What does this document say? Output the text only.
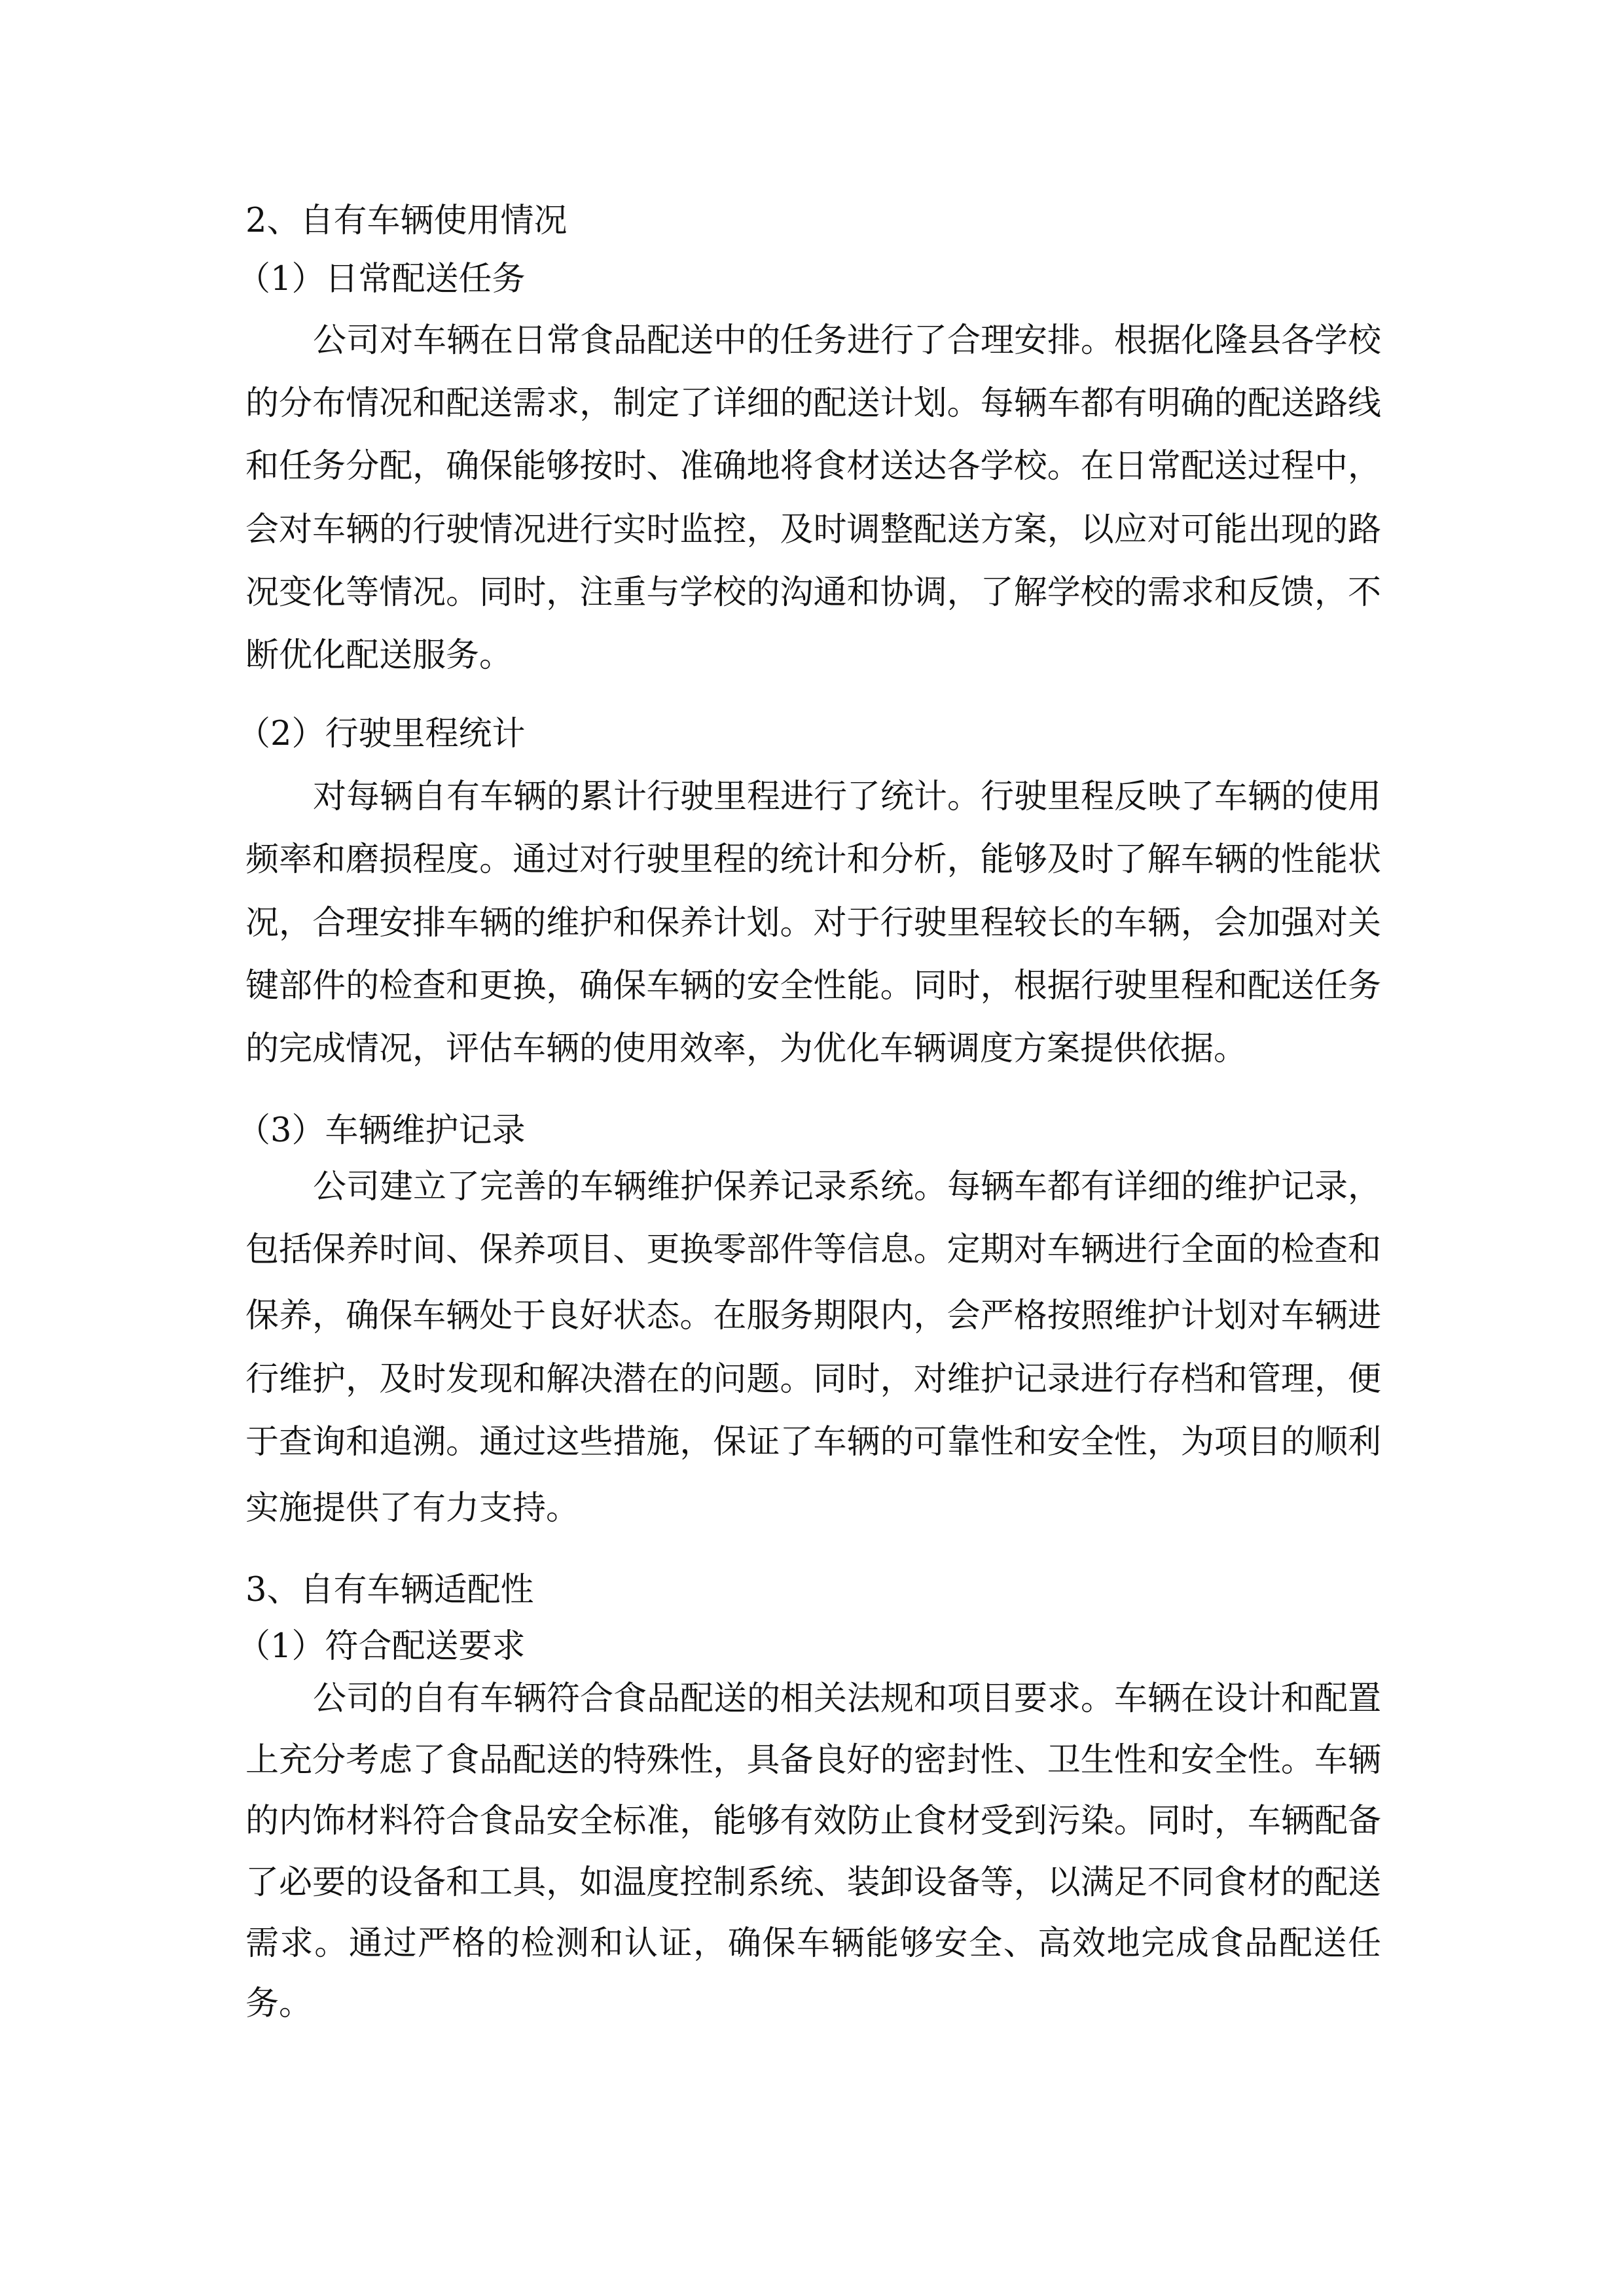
2、自有车辆使用情况
（1）日常配送任务
公司对车辆在日常食品配送中的任务进行了合理安排。根据化隆县各学校
的分布情况和配送需求，制定了详细的配送计划。每辆车都有明确的配送路线
和任务分配，确保能够按时、准确地将食材送达各学校。在日常配送过程中，
会对车辆的行驶情况进行实时监控，及时调整配送方案，以应对可能出现的路
况变化等情况。同时，注重与学校的沟通和协调，了解学校的需求和反馈，不
断优化配送服务。
（2）行驶里程统计
对每辆自有车辆的累计行驶里程进行了统计。行驶里程反映了车辆的使用
频率和磨损程度。通过对行驶里程的统计和分析，能够及时了解车辆的性能状
况，合理安排车辆的维护和保养计划。对于行驶里程较长的车辆，会加强对关
键部件的检查和更换，确保车辆的安全性能。同时，根据行驶里程和配送任务
的完成情况，评估车辆的使用效率，为优化车辆调度方案提供依据。
（3）车辆维护记录
公司建立了完善的车辆维护保养记录系统。每辆车都有详细的维护记录，
包括保养时间、保养项目、更换零部件等信息。定期对车辆进行全面的检查和
保养，确保车辆处于良好状态。在服务期限内，会严格按照维护计划对车辆进
行维护，及时发现和解决潜在的问题。同时，对维护记录进行存档和管理，便
于查询和追溯。通过这些措施，保证了车辆的可靠性和安全性，为项目的顺利
实施提供了有力支持。
3、自有车辆适配性
（1）符合配送要求
公司的自有车辆符合食品配送的相关法规和项目要求。车辆在设计和配置
上充分考虑了食品配送的特殊性，具备良好的密封性、卫生性和安全性。车辆
的内饰材料符合食品安全标准，能够有效防止食材受到污染。同时，车辆配备
了必要的设备和工具，如温度控制系统、装卸设备等，以满足不同食材的配送
需求。通过严格的检测和认证，确保车辆能够安全、高效地完成食品配送任
务。
